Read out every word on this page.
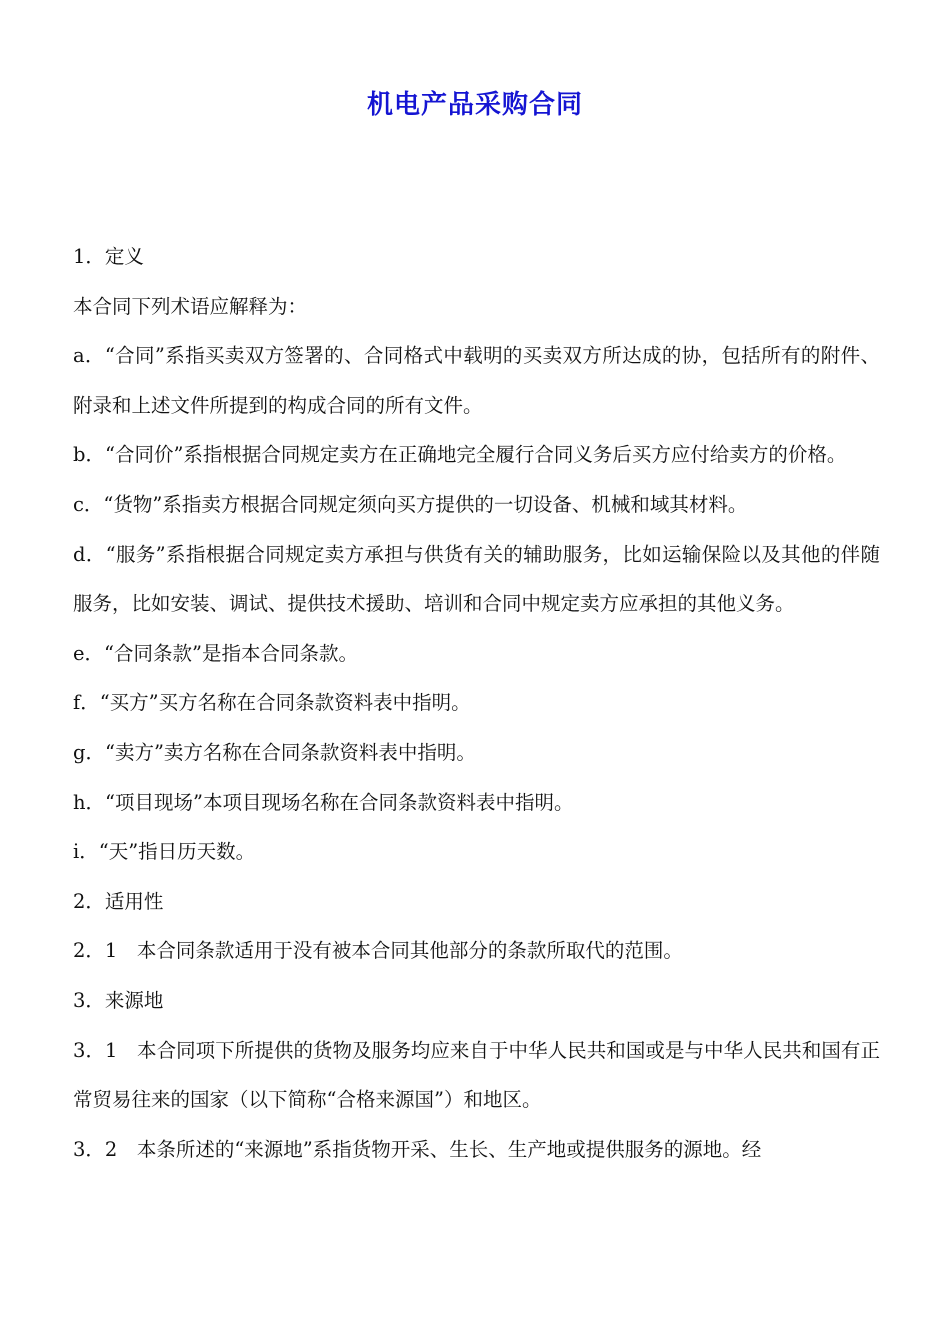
机电产品采购合同

1．定义

本合同下列术语应解释为：

a．“合同”系指买卖双方签署的、合同格式中载明的买卖双方所达成的协，包括所有的附件、附录和上述文件所提到的构成合同的所有文件。

b．“合同价”系指根据合同规定卖方在正确地完全履行合同义务后买方应付给卖方的价格。

c．“货物”系指卖方根据合同规定须向买方提供的一切设备、机械和域其材料。

d．“服务”系指根据合同规定卖方承担与供货有关的辅助服务，比如运输保险以及其他的伴随服务，比如安装、调试、提供技术援助、培训和合同中规定卖方应承担的其他义务。

e．“合同条款”是指本合同条款。

f．“买方”买方名称在合同条款资料表中指明。

g．“卖方”卖方名称在合同条款资料表中指明。

h．“项目现场”本项目现场名称在合同条款资料表中指明。

i．“天”指日历天数。

2．适用性

2．1　本合同条款适用于没有被本合同其他部分的条款所取代的范围。

3．来源地

3．1　本合同项下所提供的货物及服务均应来自于中华人民共和国或是与中华人民共和国有正常贸易往来的国家（以下简称“合格来源国”）和地区。

3．2　本条所述的“来源地”系指货物开采、生长、生产地或提供服务的源地。经
